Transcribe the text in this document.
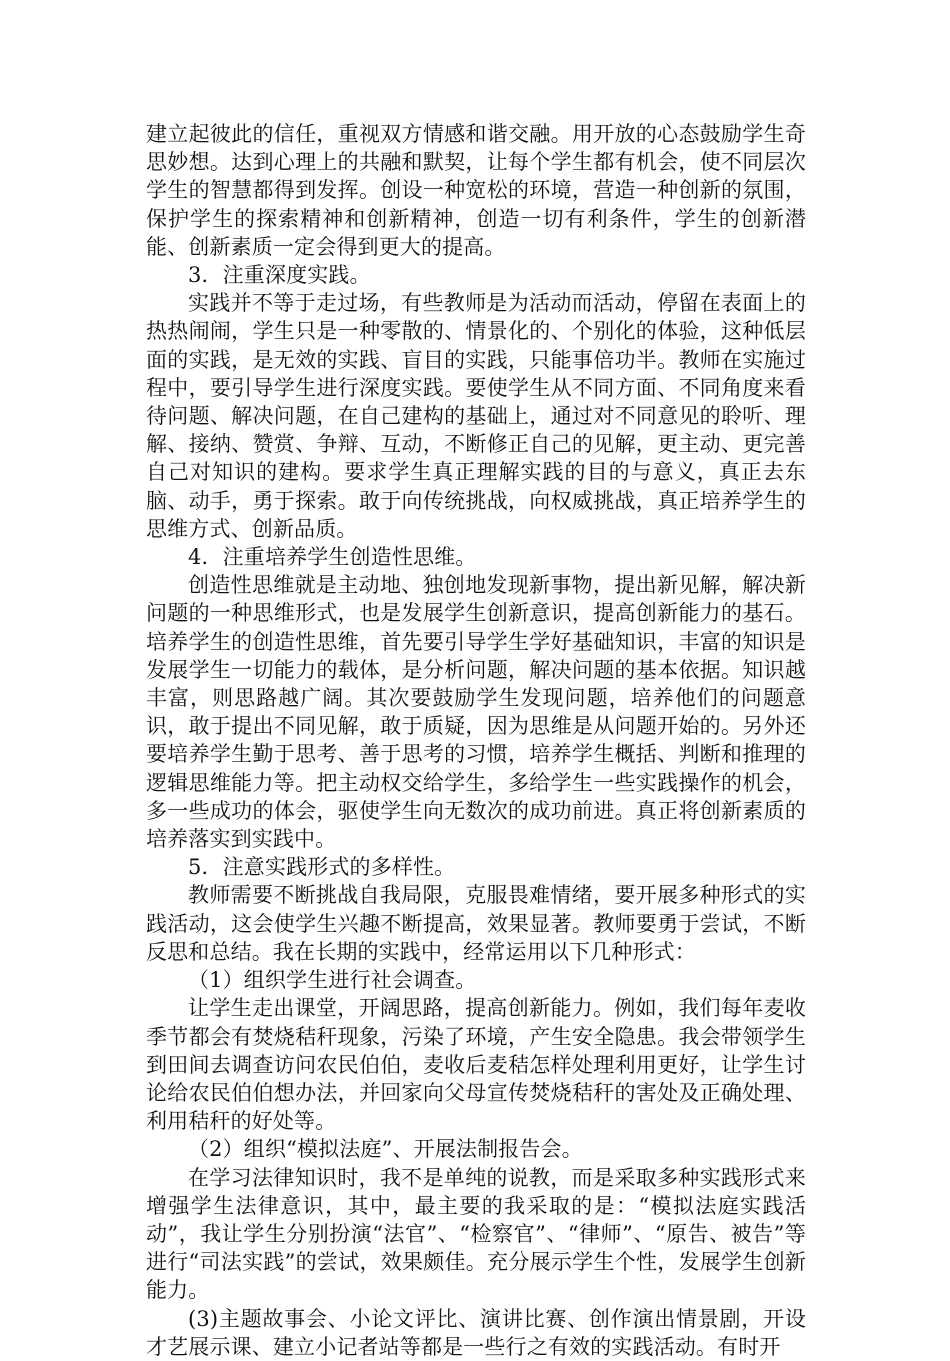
建立起彼此的信任，重视双方情感和谐交融。用开放的心态鼓励学生奇思妙想。达到心理上的共融和默契，让每个学生都有机会，使不同层次学生的智慧都得到发挥。创设一种宽松的环境，营造一种创新的氛围，保护学生的探索精神和创新精神，创造一切有利条件，学生的创新潜能、创新素质一定会得到更大的提高。

3．注重深度实践。

实践并不等于走过场，有些教师是为活动而活动，停留在表面上的热热闹闹，学生只是一种零散的、情景化的、个别化的体验，这种低层面的实践，是无效的实践、盲目的实践，只能事倍功半。教师在实施过程中，要引导学生进行深度实践。要使学生从不同方面、不同角度来看待问题、解决问题，在自己建构的基础上，通过对不同意见的聆听、理解、接纳、赞赏、争辩、互动，不断修正自己的见解，更主动、更完善自己对知识的建构。要求学生真正理解实践的目的与意义，真正去东脑、动手，勇于探索。敢于向传统挑战，向权威挑战，真正培养学生的思维方式、创新品质。

4．注重培养学生创造性思维。

创造性思维就是主动地、独创地发现新事物，提出新见解，解决新问题的一种思维形式，也是发展学生创新意识，提高创新能力的基石。培养学生的创造性思维，首先要引导学生学好基础知识，丰富的知识是发展学生一切能力的载体，是分析问题，解决问题的基本依据。知识越丰富，则思路越广阔。其次要鼓励学生发现问题，培养他们的问题意识，敢于提出不同见解，敢于质疑，因为思维是从问题开始的。另外还要培养学生勤于思考、善于思考的习惯，培养学生概括、判断和推理的逻辑思维能力等。把主动权交给学生，多给学生一些实践操作的机会，多一些成功的体会，驱使学生向无数次的成功前进。真正将创新素质的培养落实到实践中。

5．注意实践形式的多样性。

教师需要不断挑战自我局限，克服畏难情绪，要开展多种形式的实践活动，这会使学生兴趣不断提高，效果显著。教师要勇于尝试，不断反思和总结。我在长期的实践中，经常运用以下几种形式：

（1）组织学生进行社会调查。

让学生走出课堂，开阔思路，提高创新能力。例如，我们每年麦收季节都会有焚烧秸秆现象，污染了环境，产生安全隐患。我会带领学生到田间去调查访问农民伯伯，麦收后麦秸怎样处理利用更好，让学生讨论给农民伯伯想办法，并回家向父母宣传焚烧秸秆的害处及正确处理、利用秸秆的好处等。

（2）组织“模拟法庭”、开展法制报告会。

在学习法律知识时，我不是单纯的说教，而是采取多种实践形式来增强学生法律意识，其中，最主要的我采取的是：“模拟法庭实践活动”，我让学生分别扮演“法官”、“检察官”、“律师”、“原告、被告”等进行“司法实践”的尝试，效果颇佳。充分展示学生个性，发展学生创新能力。

(3)主题故事会、小论文评比、演讲比赛、创作演出情景剧，开设才艺展示课、建立小记者站等都是一些行之有效的实践活动。有时开
